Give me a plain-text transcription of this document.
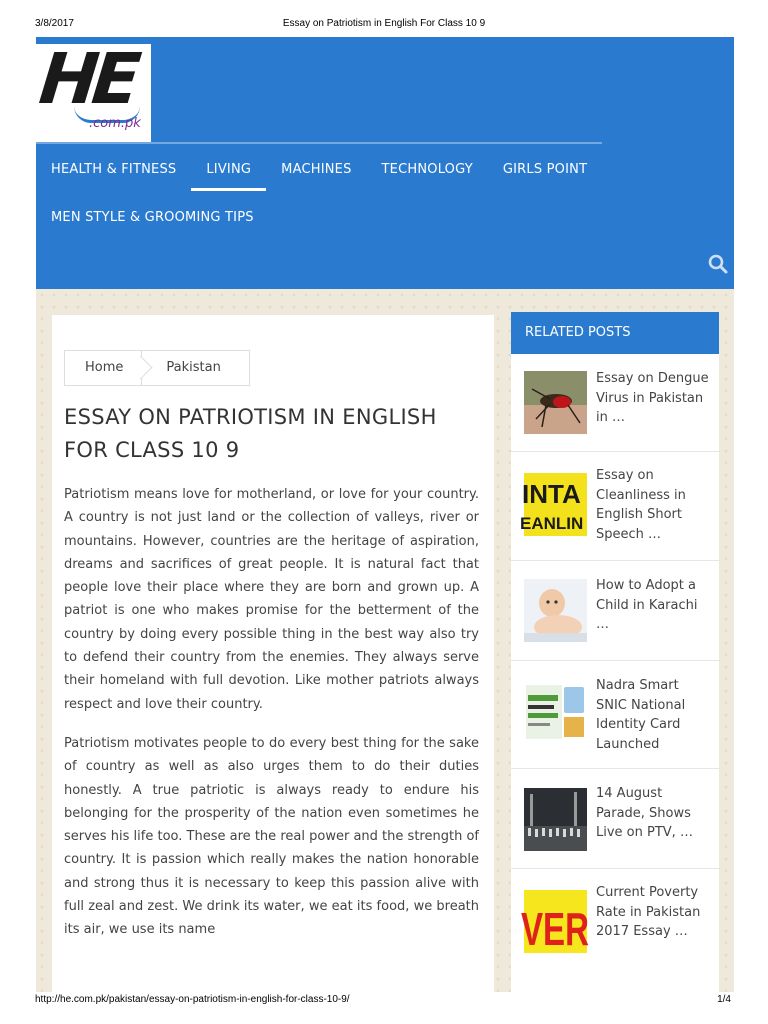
3/8/2017	Essay on Patriotism in English For Class 10 9
HE
.com.pk
HEALTH & FITNESS	LIVING	MACHINES	TECHNOLOGY	GIRLS POINT
MEN STYLE & GROOMING TIPS
Home	Pakistan
ESSAY ON PATRIOTISM IN ENGLISH FOR CLASS 10 9

Patriotism means love for motherland, or love for your country. A country is not just land or the collection of valleys, river or mountains. However, countries are the heritage of aspiration, dreams and sacrifices of great people. It is natural fact that people love their place where they are born and grown up. A patriot is one who makes promise for the betterment of the country by doing every possible thing in the best way also try to defend their country from the enemies. They always serve their homeland with full devotion. Like mother patriots always respect and love their country.

Patriotism motivates people to do every best thing for the sake of country as well as also urges them to do their duties honestly. A true patriotic is always ready to endure his belonging for the prosperity of the nation even sometimes he serves his life too. These are the real power and the strength of country. It is passion which really makes the nation honorable and strong thus it is necessary to keep this passion alive with full zeal and zest. We drink its water, we eat its food, we breath its air, we use its name

RELATED POSTS
Essay on Dengue Virus in Pakistan in …
INTA
EANLIN
Essay on Cleanliness in English Short Speech …
How to Adopt a Child in Karachi …
Nadra Smart SNIC National Identity Card Launched
14 August Parade, Shows Live on PTV, …
VER
Current Poverty Rate in Pakistan 2017 Essay …
http://he.com.pk/pakistan/essay-on-patriotism-in-english-for-class-10-9/	1/4
